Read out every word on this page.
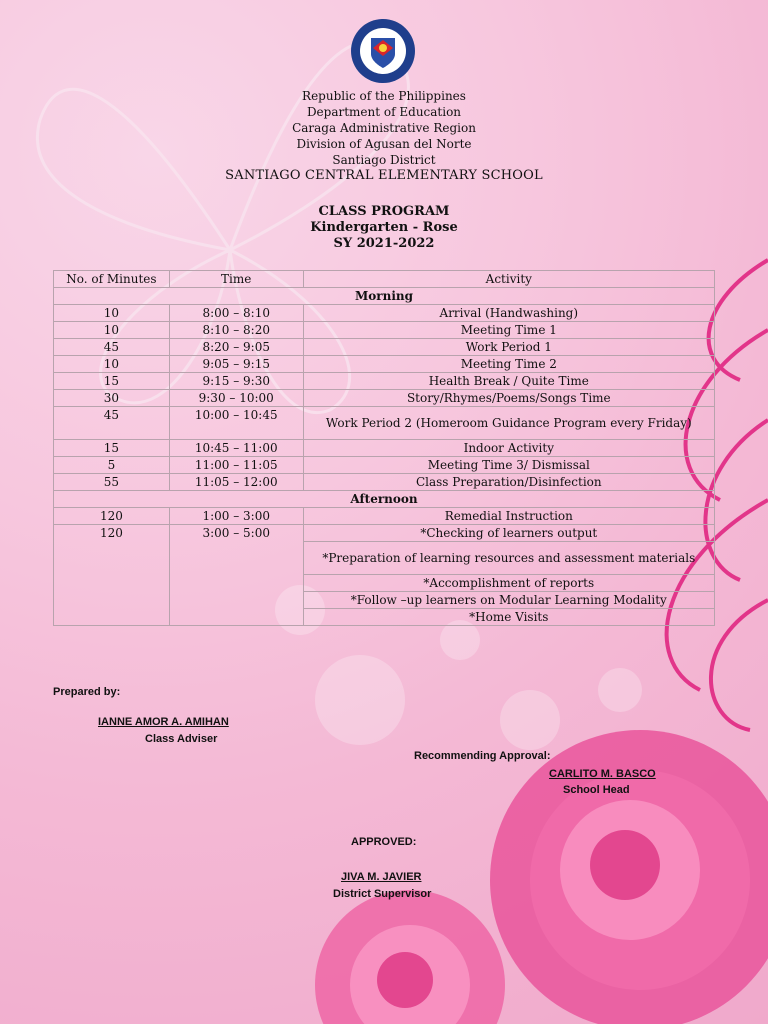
Republic of the Philippines
Department of Education
Caraga Administrative Region
Division of Agusan del Norte
Santiago District
SANTIAGO CENTRAL ELEMENTARY SCHOOL
CLASS PROGRAM
Kindergarten - Rose
SY 2021-2022
No. of Minutes	Time	Activity
Morning		
10	8:00 – 8:10	Arrival (Handwashing)
10	8:10 – 8:20	Meeting Time 1
45	8:20 – 9:05	Work Period 1
10	9:05 – 9:15	Meeting Time 2
15	9:15 – 9:30	Health Break / Quite Time
30	9:30 – 10:00	Story/Rhymes/Poems/Songs Time
45	10:00 – 10:45	Work Period 2 (Homeroom Guidance Program every Friday)
15	10:45 – 11:00	Indoor Activity
5	11:00 – 11:05	Meeting Time 3/ Dismissal
55	11:05 – 12:00	Class Preparation/Disinfection
Afternoon		
120	1:00 – 3:00	Remedial Instruction
120	3:00 – 5:00	*Checking of learners output
		*Preparation of learning resources and assessment materials
		*Accomplishment of reports
		*Follow –up learners on Modular Learning Modality
		*Home Visits
Prepared by:
IANNE AMOR A. AMIHAN
Class Adviser
Recommending Approval:
CARLITO M. BASCO
School Head
APPROVED:
JIVA M. JAVIER
District Supervisor
